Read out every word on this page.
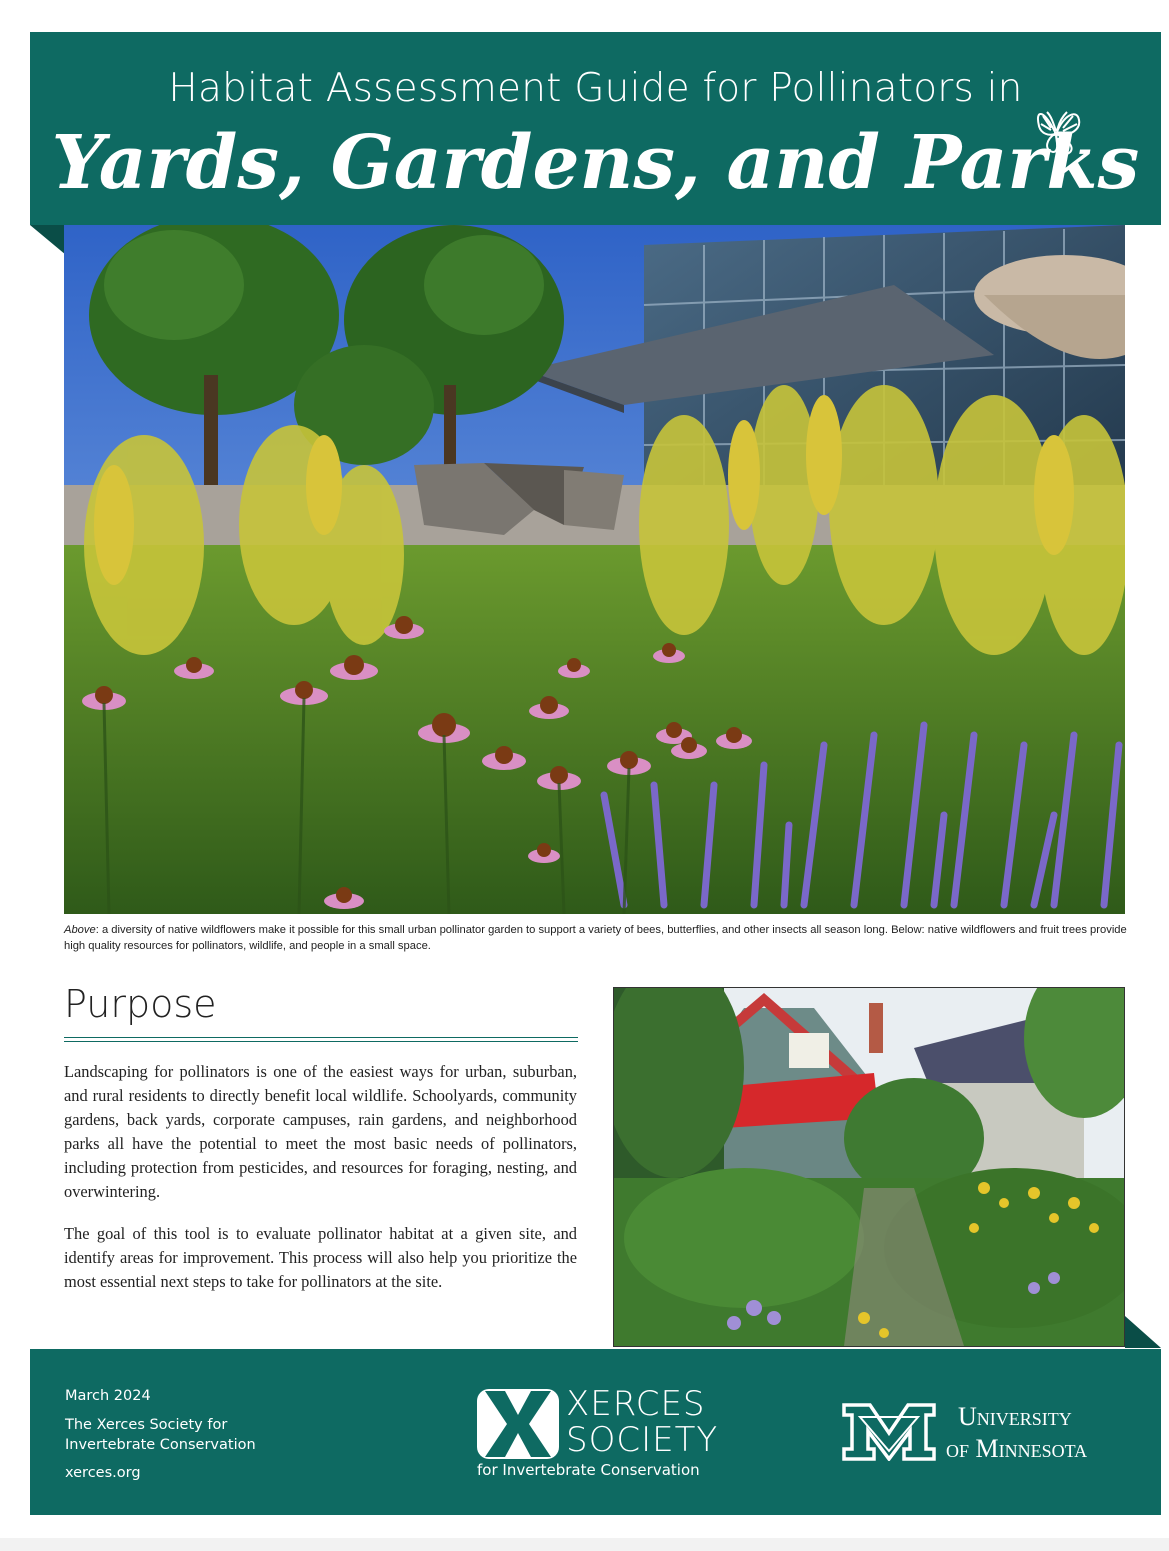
Habitat Assessment Guide for Pollinators in
Yards, Gardens, and Parks
Above: a diversity of native wildflowers make it possible for this small urban pollinator garden to support a variety of bees, butterflies, and other insects all season long. Below: native wildflowers and fruit trees provide high quality resources for pollinators, wildlife, and people in a small space.
Purpose

Landscaping for pollinators is one of the easiest ways for urban, suburban, and rural residents to directly benefit local wildlife. Schoolyards, community gardens, back yards, corporate campuses, rain gardens, and neighborhood parks all have the potential to meet the most basic needs of pollinators, including protection from pesticides, and resources for foraging, nesting, and overwintering.

The goal of this tool is to evaluate pollinator habitat at a given site, and identify areas for improvement. This process will also help you prioritize the most essential next steps to take for pollinators at the site.

March 2024
The Xerces Society for Invertebrate Conservation
xerces.org
XERCES
SOCIETY
for Invertebrate Conservation
University
of Minnesota
